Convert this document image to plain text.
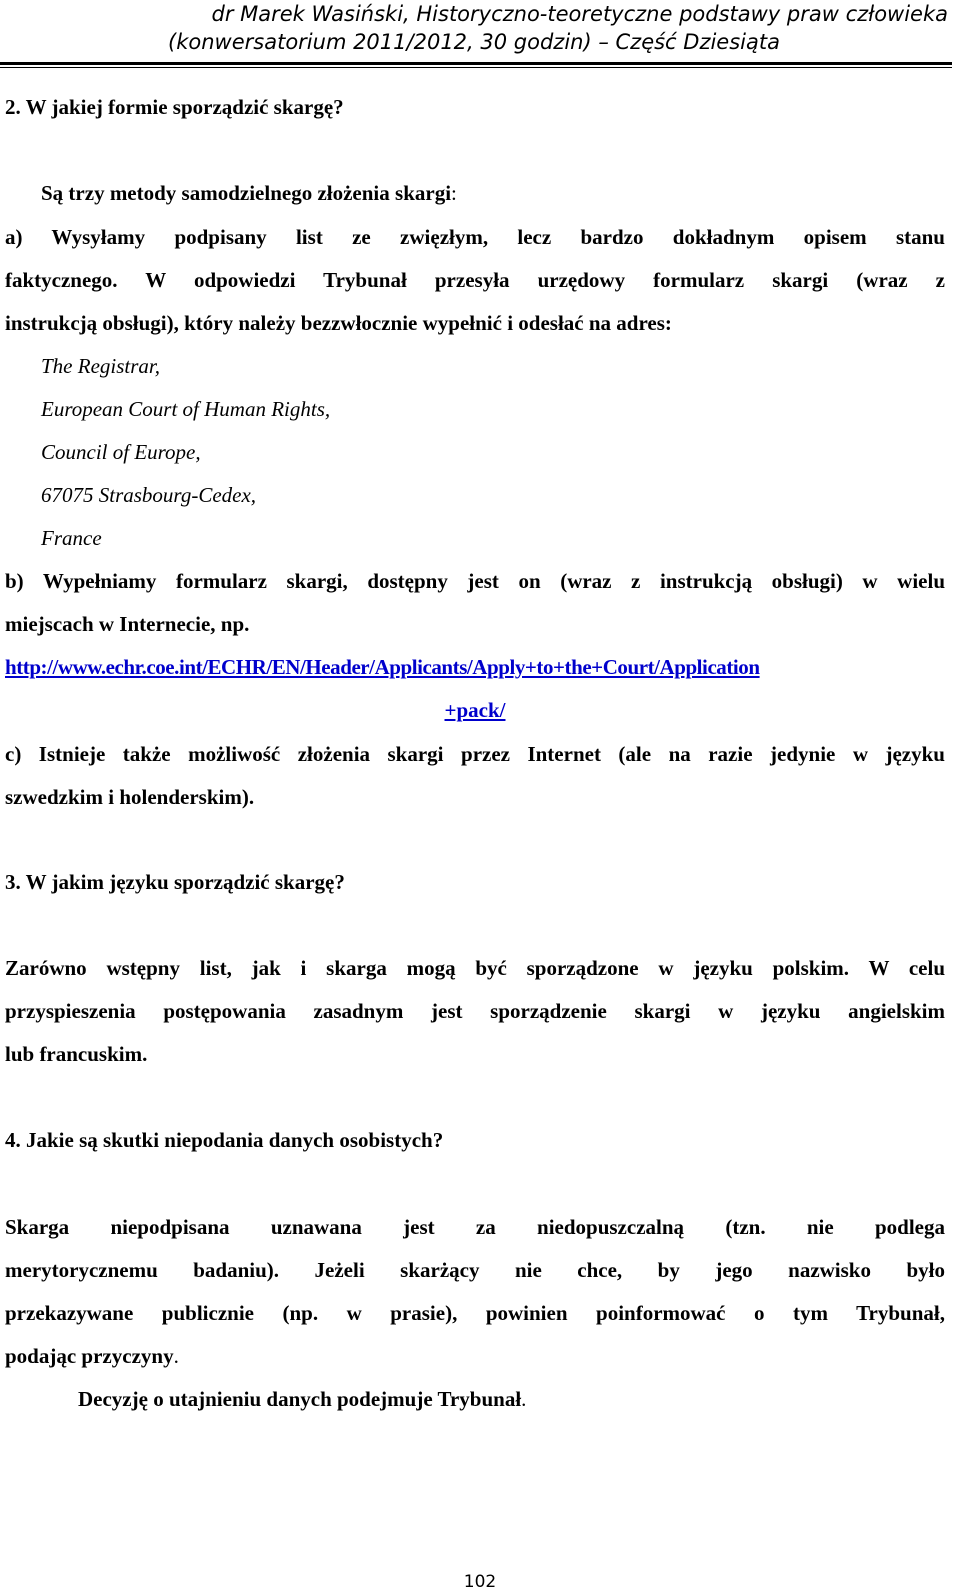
dr Marek Wasiński, Historyczno-teoretyczne podstawy praw człowieka
(konwersatorium 2011/2012, 30 godzin) – Część Dziesiąta
2. W jakiej formie sporządzić skargę?
Są trzy metody samodzielnego złożenia skargi:
a) Wysyłamy podpisany list ze zwięzłym, lecz bardzo dokładnym opisem stanu
faktycznego. W odpowiedzi Trybunał przesyła urzędowy formularz skargi (wraz z
instrukcją obsługi), który należy bezzwłocznie wypełnić i odesłać na adres:
The Registrar,
European Court of Human Rights,
Council of Europe,
67075 Strasbourg-Cedex,
France
b) Wypełniamy formularz skargi, dostępny jest on (wraz z instrukcją obsługi) w wielu
miejscach w Internecie, np.
http://www.echr.coe.int/ECHR/EN/Header/Applicants/Apply+to+the+Court/Application
+pack/
c) Istnieje także możliwość złożenia skargi przez Internet (ale na razie jedynie w języku
szwedzkim i holenderskim).
3. W jakim języku sporządzić skargę?
Zarówno wstępny list, jak i skarga mogą być sporządzone w języku polskim. W celu
przyspieszenia postępowania zasadnym jest sporządzenie skargi w języku angielskim
lub francuskim.
4. Jakie są skutki niepodania danych osobistych?
Skarga niepodpisana uznawana jest za niedopuszczalną (tzn. nie podlega
merytorycznemu badaniu). Jeżeli skarżący nie chce, by jego nazwisko było
przekazywane publicznie (np. w prasie), powinien poinformować o tym Trybunał,
podając przyczyny.
Decyzję o utajnieniu danych podejmuje Trybunał.
102
